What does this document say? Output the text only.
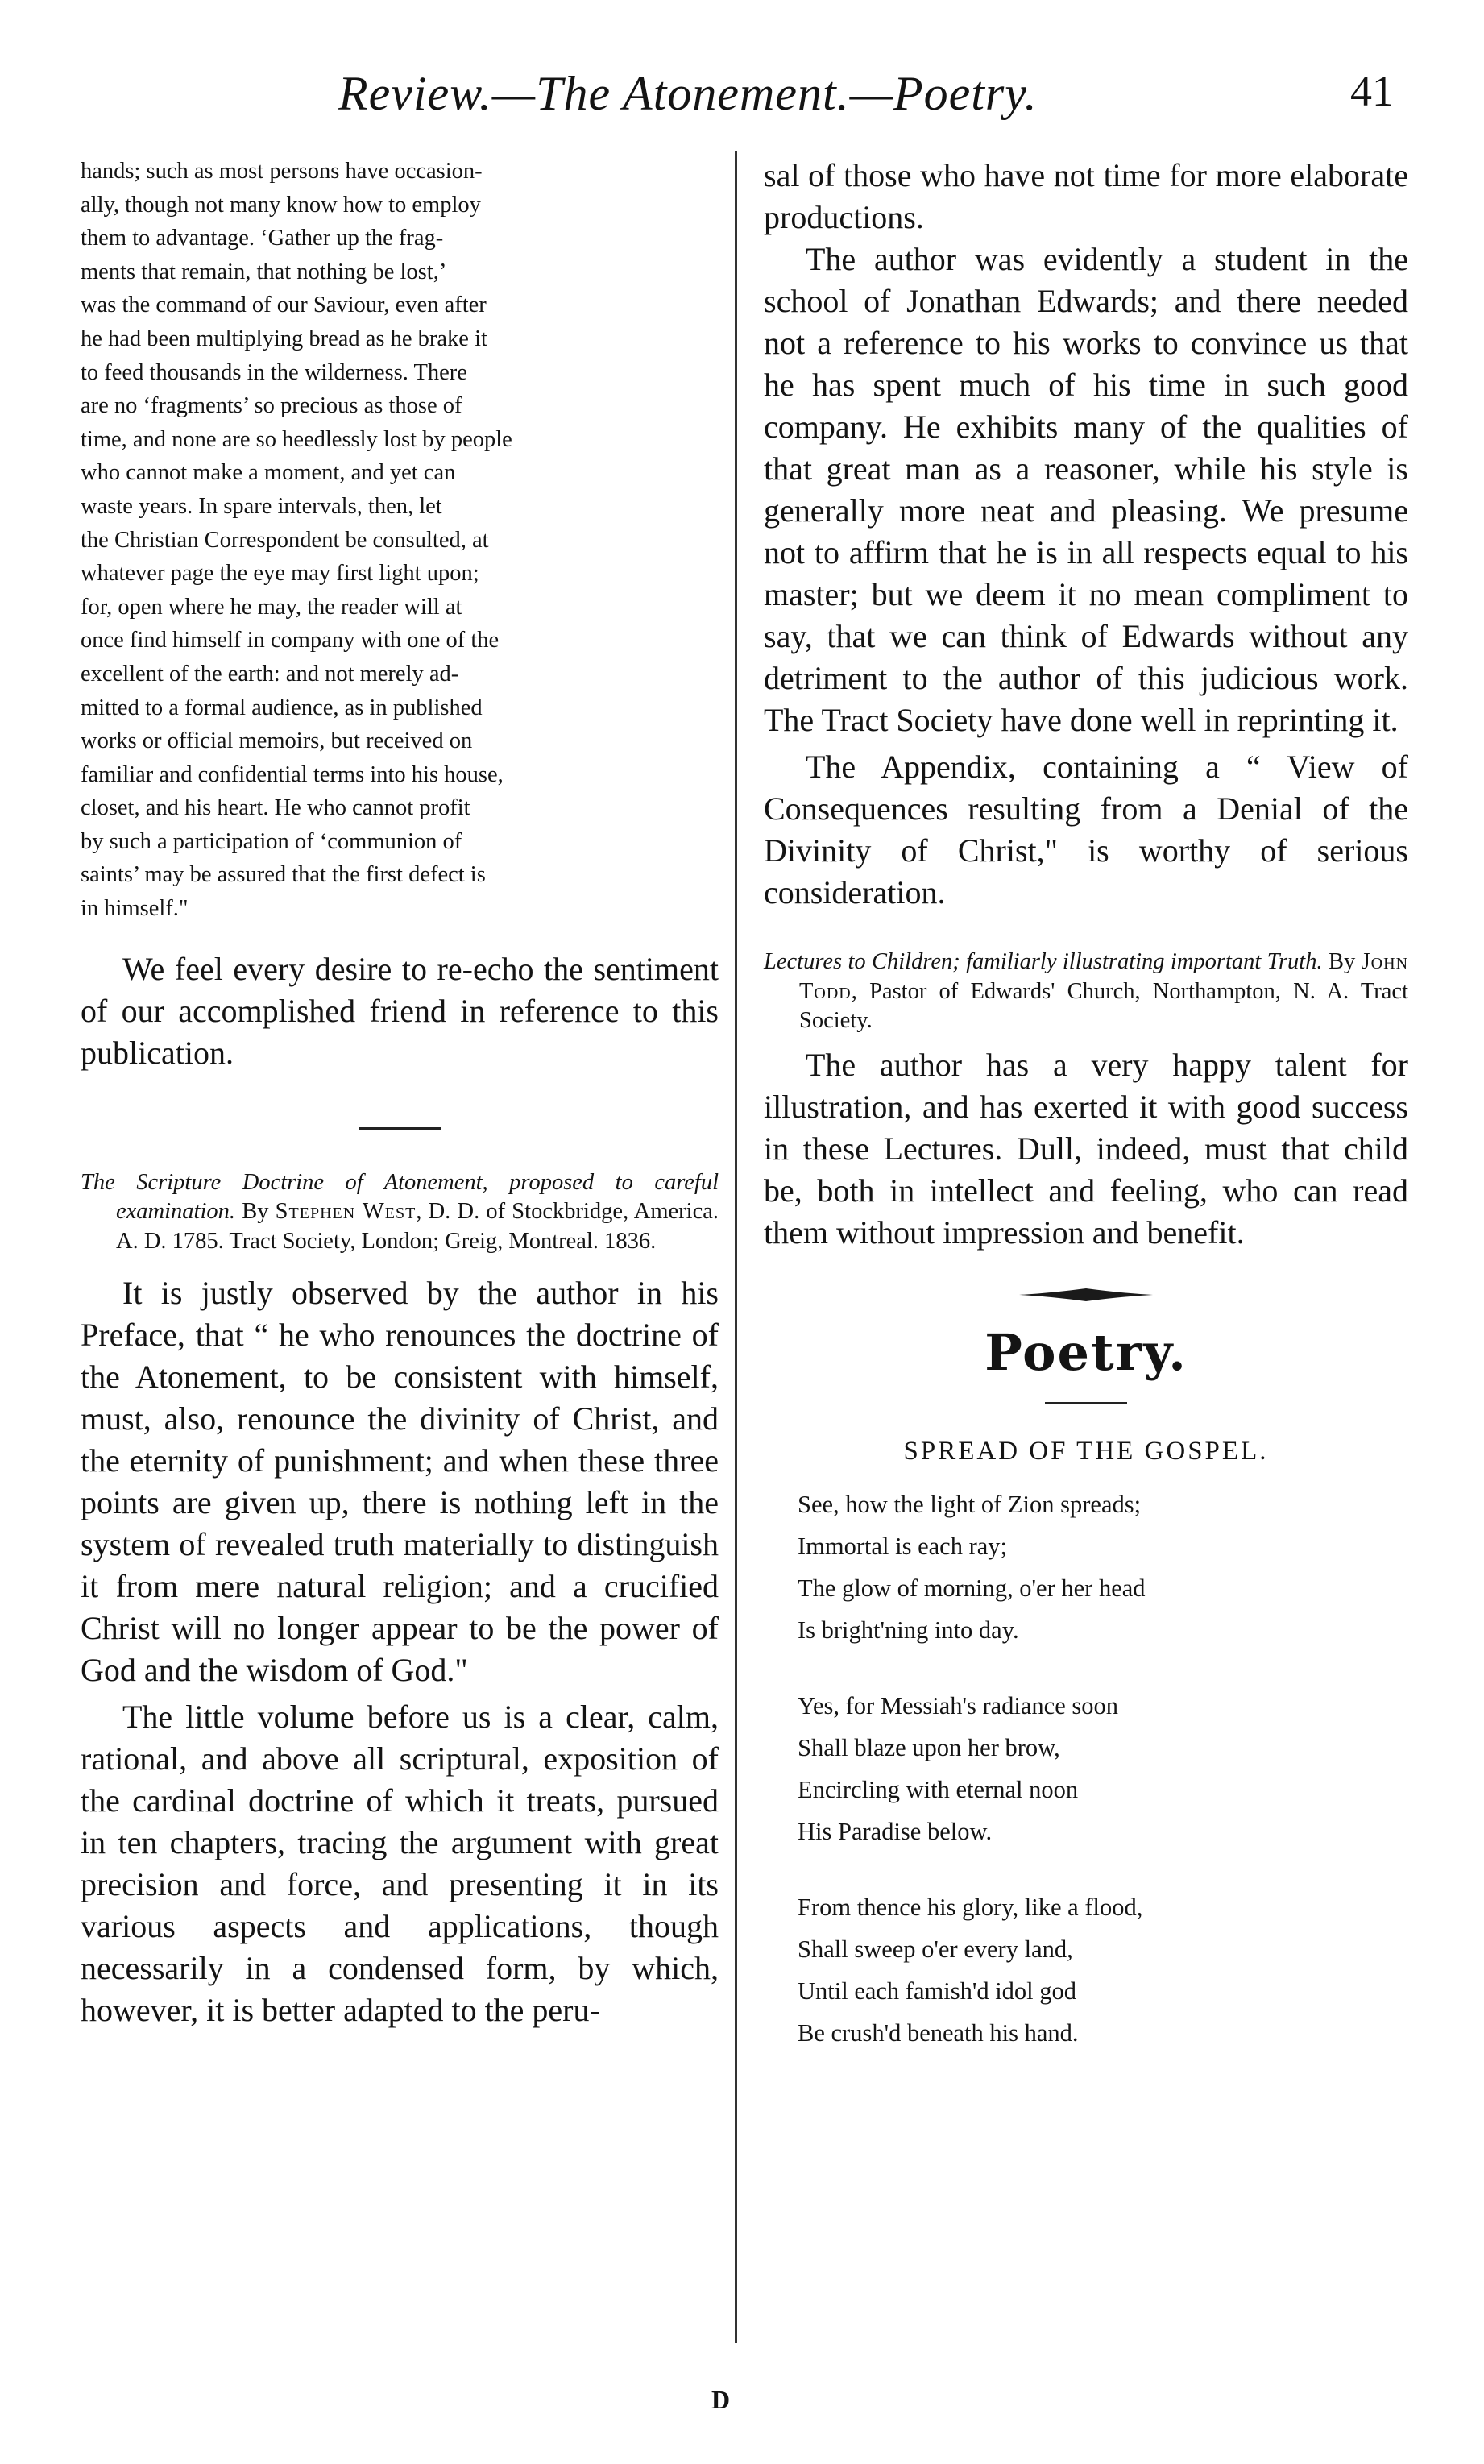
Review.—The Atonement.—Poetry.	41
hands; such as most persons have occasion-
ally, though not many know how to employ
them to advantage. ‘Gather up the frag-
ments that remain, that nothing be lost,’
was the command of our Saviour, even after
he had been multiplying bread as he brake it
to feed thousands in the wilderness. There
are no ‘fragments’ so precious as those of
time, and none are so heedlessly lost by people
who cannot make a moment, and yet can
waste years. In spare intervals, then, let
the Christian Correspondent be consulted, at
whatever page the eye may first light upon;
for, open where he may, the reader will at
once find himself in company with one of the
excellent of the earth: and not merely ad-
mitted to a formal audience, as in published
works or official memoirs, but received on
familiar and confidential terms into his house,
closet, and his heart. He who cannot profit
by such a participation of ‘communion of
saints’ may be assured that the first defect is
in himself."

We feel every desire to re-echo the sentiment of our accomplished friend in reference to this publication.

The Scripture Doctrine of Atonement, proposed to careful examination. By Stephen West, D. D. of Stockbridge, America. A. D. 1785. Tract Society, London; Greig, Montreal. 1836.

It is justly observed by the author in his Preface, that “ he who renounces the doctrine of the Atonement, to be consistent with himself, must, also, renounce the divinity of Christ, and the eternity of punishment; and when these three points are given up, there is nothing left in the system of revealed truth materially to distinguish it from mere natural religion; and a crucified Christ will no longer appear to be the power of God and the wisdom of God."

The little volume before us is a clear, calm, rational, and above all scriptural, exposition of the cardinal doctrine of which it treats, pursued in ten chapters, tracing the argument with great precision and force, and presenting it in its various aspects and applications, though necessarily in a condensed form, by which, however, it is better adapted to the peru-

sal of those who have not time for more elaborate productions.

The author was evidently a student in the school of Jonathan Edwards; and there needed not a reference to his works to convince us that he has spent much of his time in such good company. He exhibits many of the qualities of that great man as a reasoner, while his style is generally more neat and pleasing. We presume not to affirm that he is in all respects equal to his master; but we deem it no mean compliment to say, that we can think of Edwards without any detriment to the author of this judicious work. The Tract Society have done well in reprinting it.

The Appendix, containing a “ View of Consequences resulting from a Denial of the Divinity of Christ," is worthy of serious consideration.

Lectures to Children; familiarly illustrating important Truth. By John Todd, Pastor of Edwards' Church, Northampton, N. A. Tract Society.

The author has a very happy talent for illustration, and has exerted it with good success in these Lectures. Dull, indeed, must that child be, both in intellect and feeling, who can read them without impression and benefit.

Poetry.
SPREAD OF THE GOSPEL.
See, how the light of Zion spreads;
Immortal is each ray;
The glow of morning, o'er her head
Is bright'ning into day.
Yes, for Messiah's radiance soon
Shall blaze upon her brow,
Encircling with eternal noon
His Paradise below.
From thence his glory, like a flood,
Shall sweep o'er every land,
Until each famish'd idol god
Be crush'd beneath his hand.
D
